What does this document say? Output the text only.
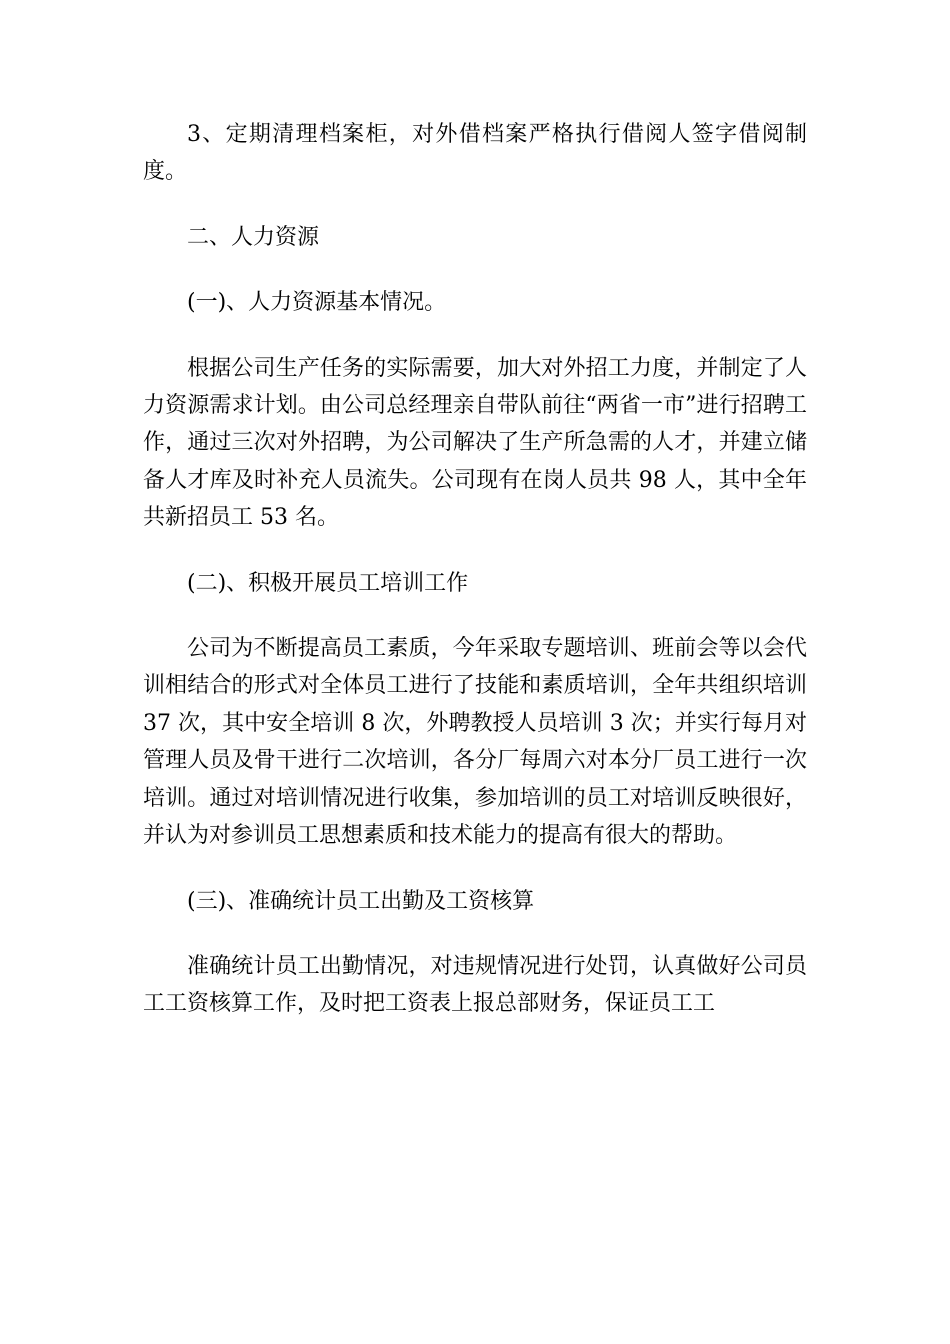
3、定期清理档案柜，对外借档案严格执行借阅人签字借阅制度。

二、人力资源

(一)、人力资源基本情况。

根据公司生产任务的实际需要，加大对外招工力度，并制定了人力资源需求计划。由公司总经理亲自带队前往“两省一市”进行招聘工作，通过三次对外招聘，为公司解决了生产所急需的人才，并建立储备人才库及时补充人员流失。公司现有在岗人员共 98 人，其中全年共新招员工 53 名。

(二)、积极开展员工培训工作

公司为不断提高员工素质，今年采取专题培训、班前会等以会代训相结合的形式对全体员工进行了技能和素质培训，全年共组织培训 37 次，其中安全培训 8 次，外聘教授人员培训 3 次；并实行每月对管理人员及骨干进行二次培训，各分厂每周六对本分厂员工进行一次培训。通过对培训情况进行收集，参加培训的员工对培训反映很好，并认为对参训员工思想素质和技术能力的提高有很大的帮助。

(三)、准确统计员工出勤及工资核算

准确统计员工出勤情况，对违规情况进行处罚，认真做好公司员工工资核算工作，及时把工资表上报总部财务，保证员工工
